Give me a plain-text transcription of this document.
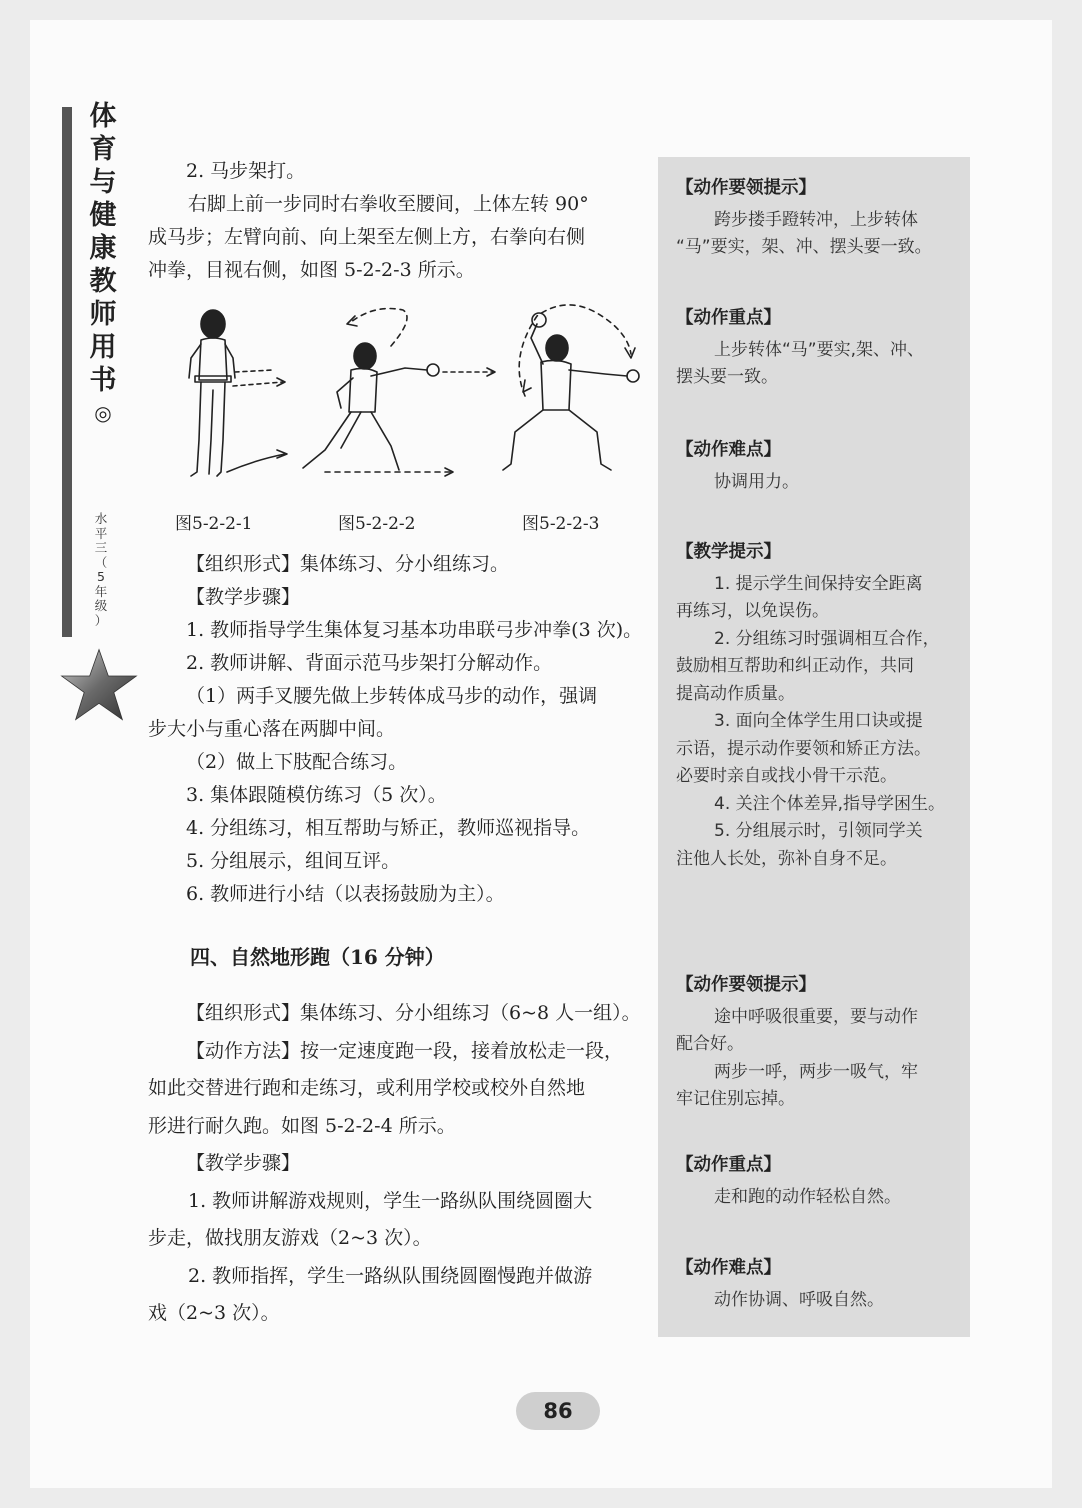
体
育
与
健
康
教
师
用
书
◎
水
平
三
（
5
年
级
）

2. 马步架打。

右脚上前一步同时右拳收至腰间，上体左转 90°

成马步；左臂向前、向上架至左侧上方，右拳向右侧

冲拳，目视右侧，如图 5-2-2-3 所示。

图5-2-2-1	图5-2-2-2	图5-2-2-3

【组织形式】集体练习、分小组练习。

【教学步骤】

1. 教师指导学生集体复习基本功串联弓步冲拳(3 次)。

2. 教师讲解、背面示范马步架打分解动作。

（1）两手叉腰先做上步转体成马步的动作，强调

步大小与重心落在两脚中间。

（2）做上下肢配合练习。

3. 集体跟随模仿练习（5 次）。

4. 分组练习，相互帮助与矫正，教师巡视指导。

5. 分组展示，组间互评。

6. 教师进行小结（以表扬鼓励为主）。

四、自然地形跑（16 分钟）

【组织形式】集体练习、分小组练习（6~8 人一组）。

【动作方法】按一定速度跑一段，接着放松走一段，

如此交替进行跑和走练习，或利用学校或校外自然地

形进行耐久跑。如图 5-2-2-4 所示。

【教学步骤】

1. 教师讲解游戏规则，学生一路纵队围绕圆圈大

步走，做找朋友游戏（2~3 次）。

2. 教师指挥，学生一路纵队围绕圆圈慢跑并做游

戏（2~3 次）。

【动作要领提示】

跨步搂手蹬转冲，上步转体

“马”要实，架、冲、摆头要一致。

【动作重点】

上步转体“马”要实,架、冲、

摆头要一致。

【动作难点】

协调用力。

【教学提示】

1. 提示学生间保持安全距离

再练习，以免误伤。

2. 分组练习时强调相互合作，

鼓励相互帮助和纠正动作，共同

提高动作质量。

3. 面向全体学生用口诀或提

示语，提示动作要领和矫正方法。

必要时亲自或找小骨干示范。

4. 关注个体差异,指导学困生。

5. 分组展示时，引领同学关

注他人长处，弥补自身不足。

【动作要领提示】

途中呼吸很重要，要与动作

配合好。

两步一呼，两步一吸气，牢

牢记住别忘掉。

【动作重点】

走和跑的动作轻松自然。

【动作难点】

动作协调、呼吸自然。

86
